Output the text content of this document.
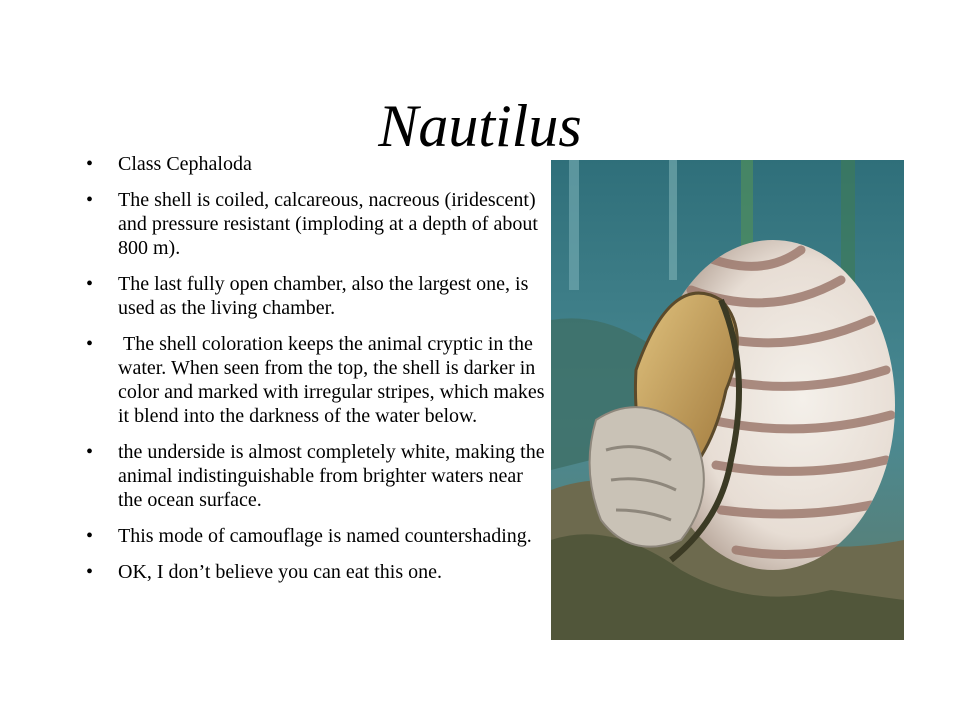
Nautilus
• Class Cephaloda
• The shell is coiled, calcareous, nacreous (iridescent) and pressure resistant (imploding at a depth of about 800 m).
• The last fully open chamber, also the largest one, is used as the living chamber.
• The shell coloration keeps the animal cryptic in the water. When seen from the top, the shell is darker in color and marked with irregular stripes, which makes it blend into the darkness of the water below.
• the underside is almost completely white, making the animal indistinguishable from brighter waters near the ocean surface.
• This mode of camouflage is named countershading.
• OK, I don’t believe you can eat this one.
